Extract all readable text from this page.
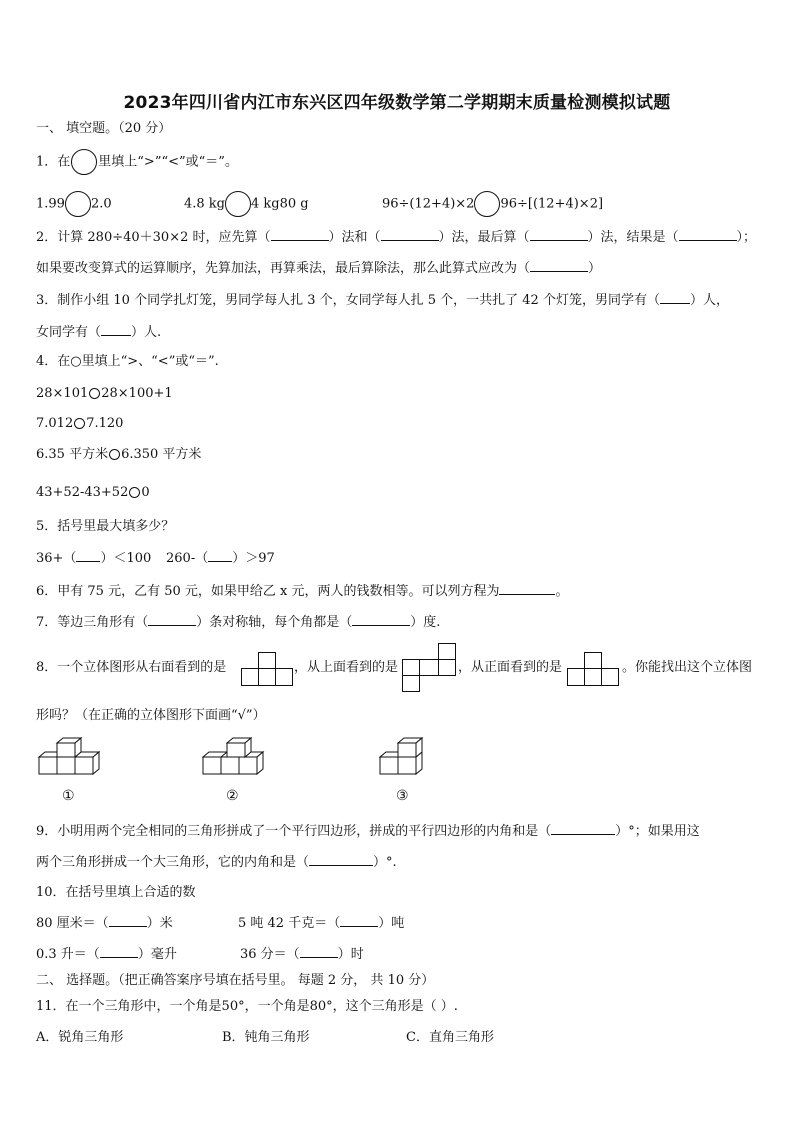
2023年四川省内江市东兴区四年级数学第二学期期末质量检测模拟试题
一、 填空题。（20 分）
1．在 里填上“>”“<”或“＝”。
1.99 2.0	4.8 kg 4 kg80 g	96÷(12+4)×2 96÷[(12+4)×2]
2．计算 280÷40＋30×2 时，应先算（	）法和（	）法，最后算（	）法，结果是（	）；
如果要改变算式的运算顺序，先算加法，再算乘法，最后算除法，那么此算式应改为（	）
3．制作小组 10 个同学扎灯笼，男同学每人扎 3 个，女同学每人扎 5 个，一共扎了 42 个灯笼，男同学有（ ）人，
女同学有（ ）人.
4．在○里填上“>、“<”或“＝”.
28×101 28×100+1
7.012 7.120
6.35 平方米 6.350 平方米
43+52-43+52 0
5．括号里最大填多少？
36+（ ）＜100 260-（ ）＞97
6．甲有 75 元，乙有 50 元，如果甲给乙 x 元，两人的钱数相等。可以列方程为	。
7．等边三角形有（	）条对称轴，每个角都是（	）度.
8．一个立体图形从右面看到的是	，从上面看到的是	，从正面看到的是	。你能找出这个立体图
形吗？（在正确的立体图形下面画“√”）
①	②	③
9．小明用两个完全相同的三角形拼成了一个平行四边形，拼成的平行四边形的内角和是（	）°；如果用这
两个三角形拼成一个大三角形，它的内角和是（	）°.
10．在括号里填上合适的数
80 厘米＝（	）米	5 吨 42 千克＝（	）吨
0.3 升＝（	）毫升	36 分＝（	）时
二、 选择题。（把正确答案序号填在括号里。 每题 2 分， 共 10 分）
11．在一个三角形中，一个角是50°，一个角是80°，这个三角形是（ ）.
A．锐角三角形	B．钝角三角形	C．直角三角形
